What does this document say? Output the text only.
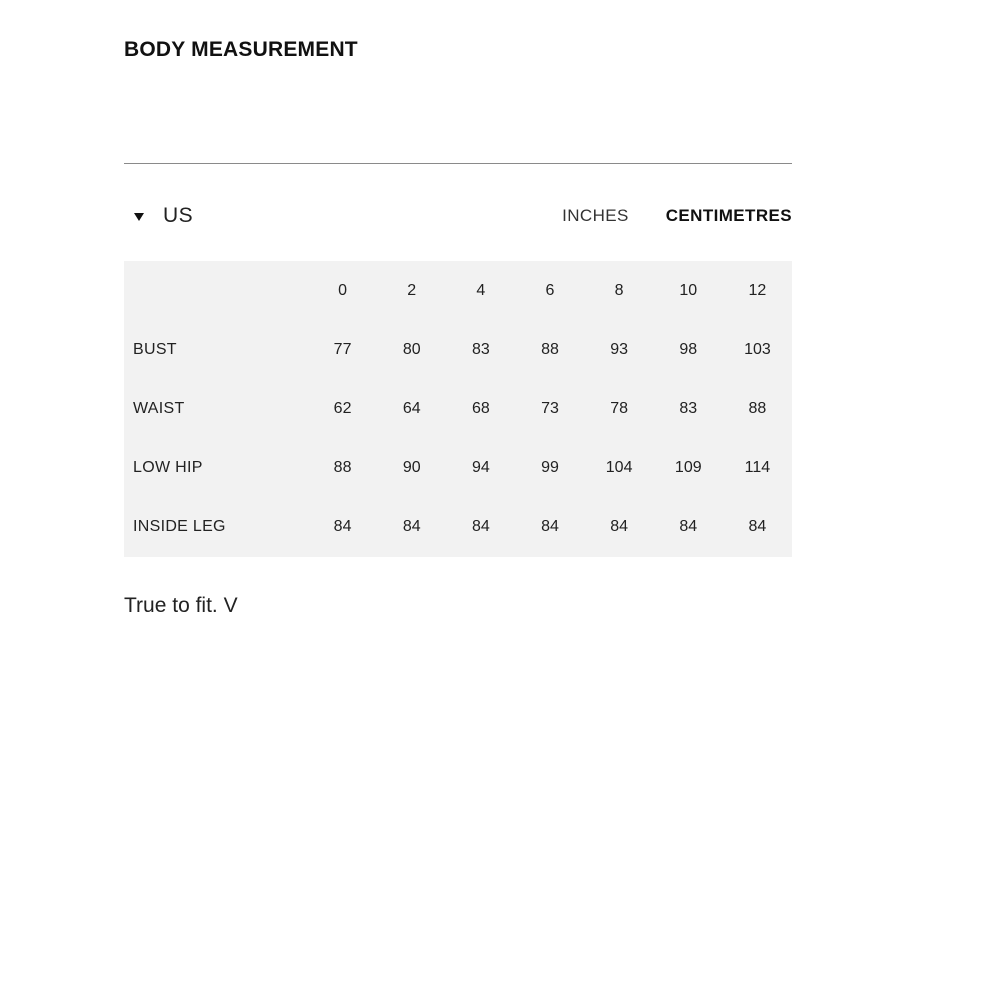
BODY MEASUREMENT
US	INCHES CENTIMETRES
	0	2	4	6	8	10	12
BUST	77	80	83	88	93	98	103
WAIST	62	64	68	73	78	83	88
LOW HIP	88	90	94	99	104	109	114
INSIDE LEG	84	84	84	84	84	84	84
True to fit. V
